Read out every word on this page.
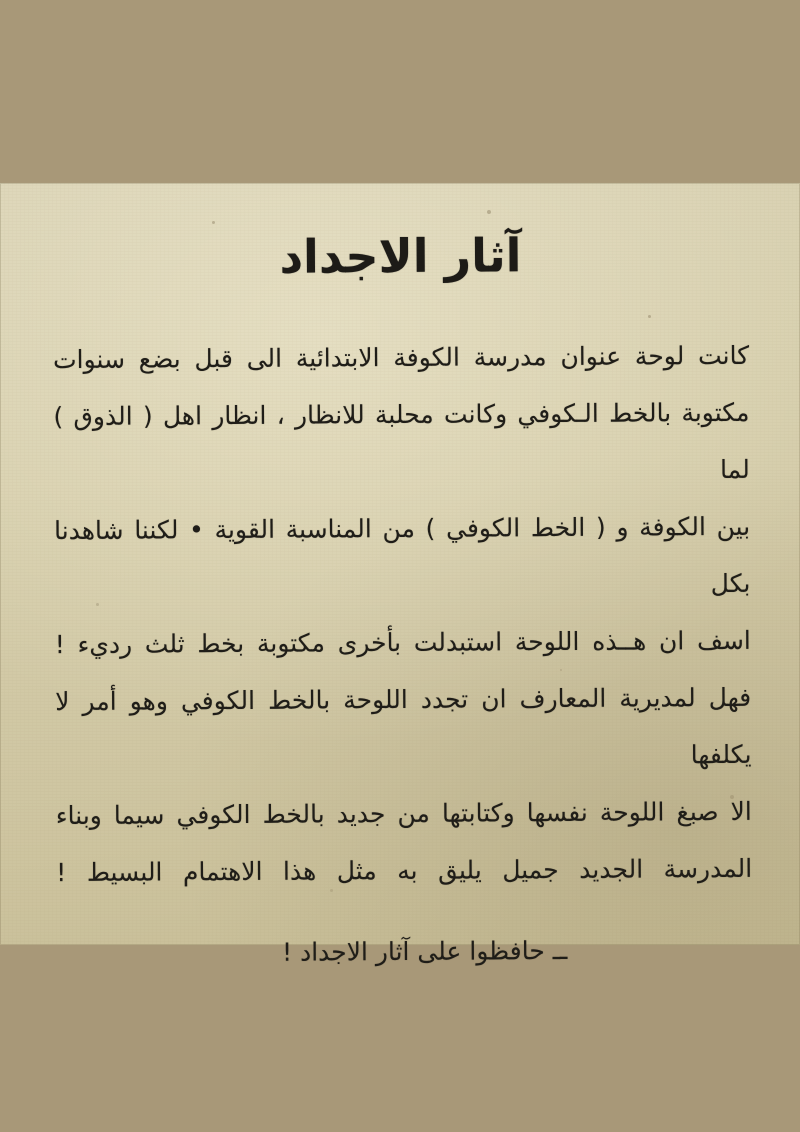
آثار الاجداد

كانت لوحة عنوان مدرسة الكوفة الابتدائية الى قبل بضع سنوات

مكتوبة بالخط الـكوفي وكانت محلبة للانظار ، انظار اهل ( الذوق ) لما

بين الكوفة و ( الخط الكوفي ) من المناسبة القوية • لكننا شاهدنا بكل

اسف ان هــذه اللوحة استبدلت بأخرى مكتوبة بخط ثلث رديء !

فهل لمديرية المعارف ان تجدد اللوحة بالخط الكوفي وهو أمر لا يكلفها

الا صبغ اللوحة نفسها وكتابتها من جديد بالخط الكوفي سيما وبناء

المدرسة الجديد جميل يليق به مثل هذا الاهتمام البسيط !

ــ حافظوا على آثار الاجداد !
